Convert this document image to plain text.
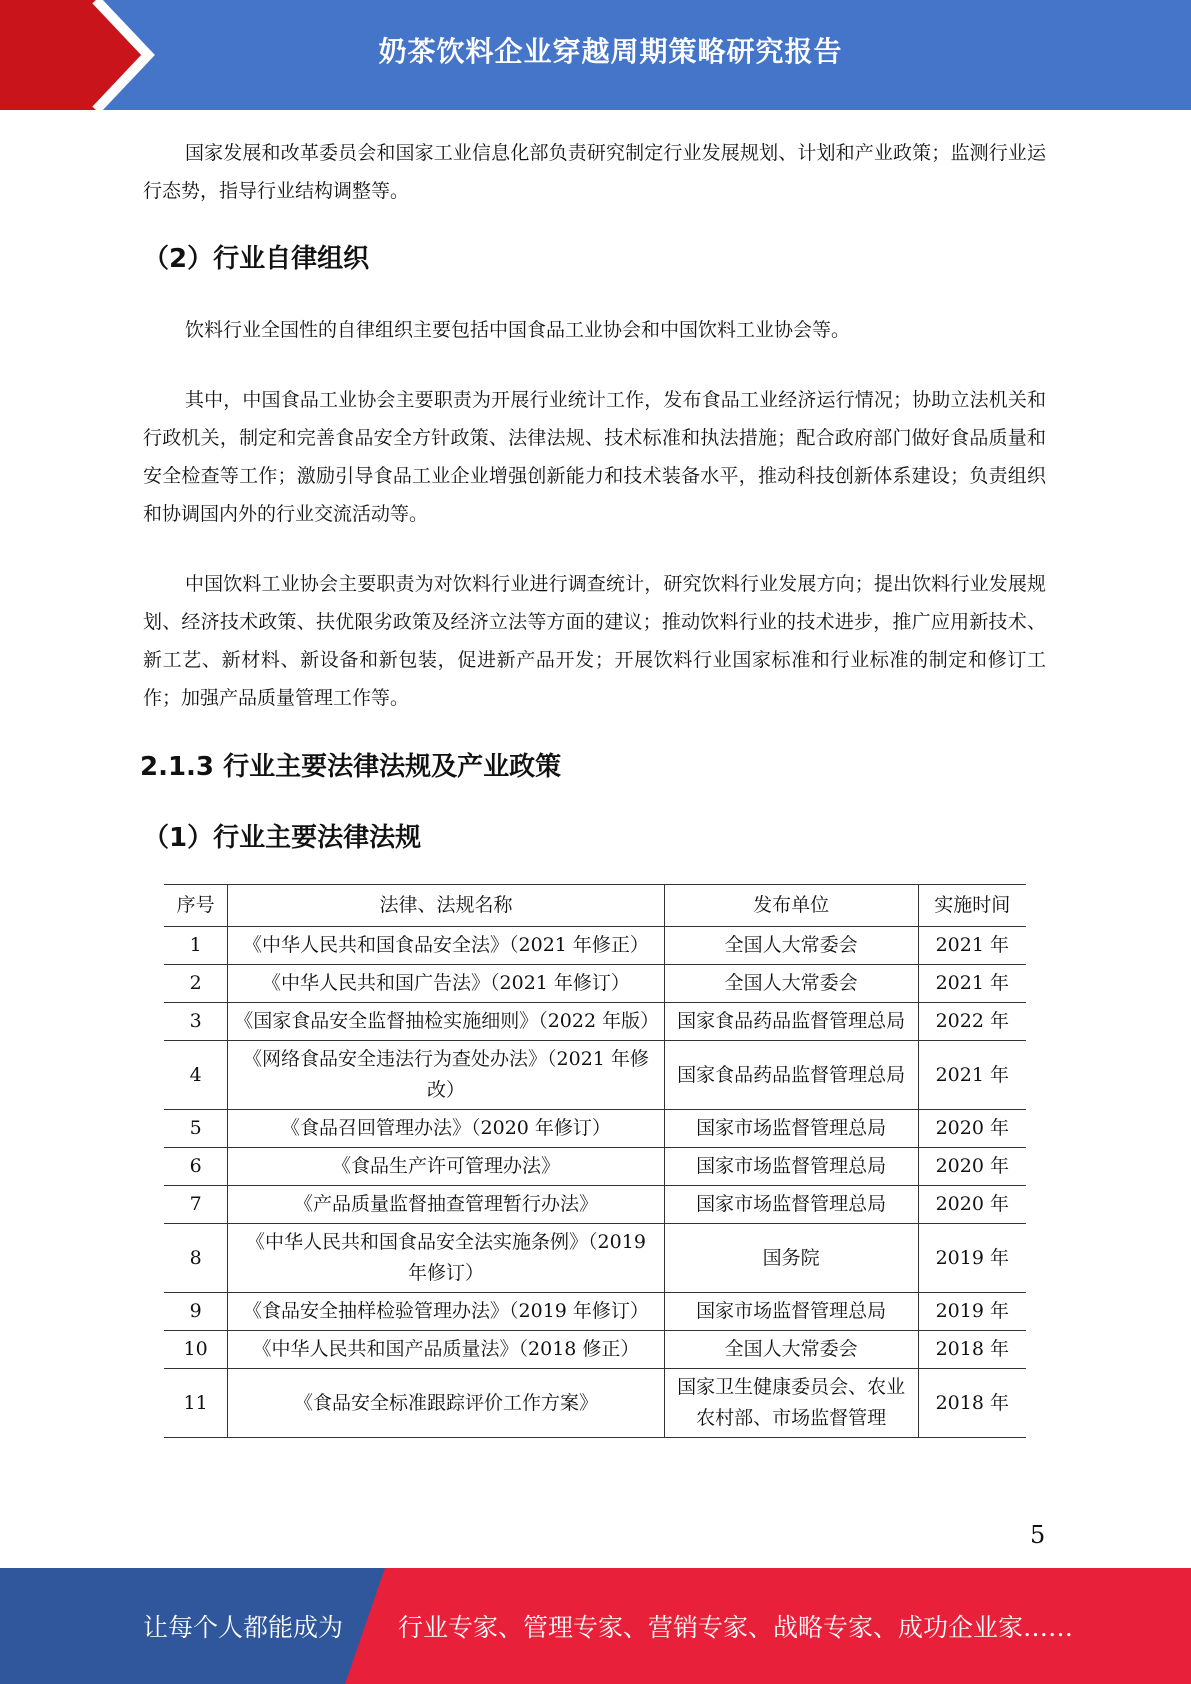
奶茶饮料企业穿越周期策略研究报告

国家发展和改革委员会和国家工业信息化部负责研究制定行业发展规划、计划和产业政策；监测行业运行态势，指导行业结构调整等。

（2）行业自律组织

饮料行业全国性的自律组织主要包括中国食品工业协会和中国饮料工业协会等。

其中，中国食品工业协会主要职责为开展行业统计工作，发布食品工业经济运行情况；协助立法机关和行政机关，制定和完善食品安全方针政策、法律法规、技术标准和执法措施；配合政府部门做好食品质量和安全检查等工作；激励引导食品工业企业增强创新能力和技术装备水平，推动科技创新体系建设；负责组织和协调国内外的行业交流活动等。

中国饮料工业协会主要职责为对饮料行业进行调查统计，研究饮料行业发展方向；提出饮料行业发展规划、经济技术政策、扶优限劣政策及经济立法等方面的建议；推动饮料行业的技术进步，推广应用新技术、新工艺、新材料、新设备和新包装，促进新产品开发；开展饮料行业国家标准和行业标准的制定和修订工作；加强产品质量管理工作等。

2.1.3 行业主要法律法规及产业政策
（1）行业主要法律法规
序号	法律、法规名称	发布单位	实施时间
1	《中华人民共和国食品安全法》（2021 年修正）	全国人大常委会	2021 年
2	《中华人民共和国广告法》（2021 年修订）	全国人大常委会	2021 年
3	《国家食品安全监督抽检实施细则》（2022 年版）	国家食品药品监督管理总局	2022 年
4	《网络食品安全违法行为查处办法》（2021 年修改）	国家食品药品监督管理总局	2021 年
5	《食品召回管理办法》（2020 年修订）	国家市场监督管理总局	2020 年
6	《食品生产许可管理办法》	国家市场监督管理总局	2020 年
7	《产品质量监督抽查管理暂行办法》	国家市场监督管理总局	2020 年
8	《中华人民共和国食品安全法实施条例》（2019 年修订）	国务院	2019 年
9	《食品安全抽样检验管理办法》（2019 年修订）	国家市场监督管理总局	2019 年
10	《中华人民共和国产品质量法》（2018 修正）	全国人大常委会	2018 年
11	《食品安全标准跟踪评价工作方案》	国家卫生健康委员会、农业农村部、市场监督管理	2018 年
5
让每个人都能成为 行业专家、管理专家、营销专家、战略专家、成功企业家……
